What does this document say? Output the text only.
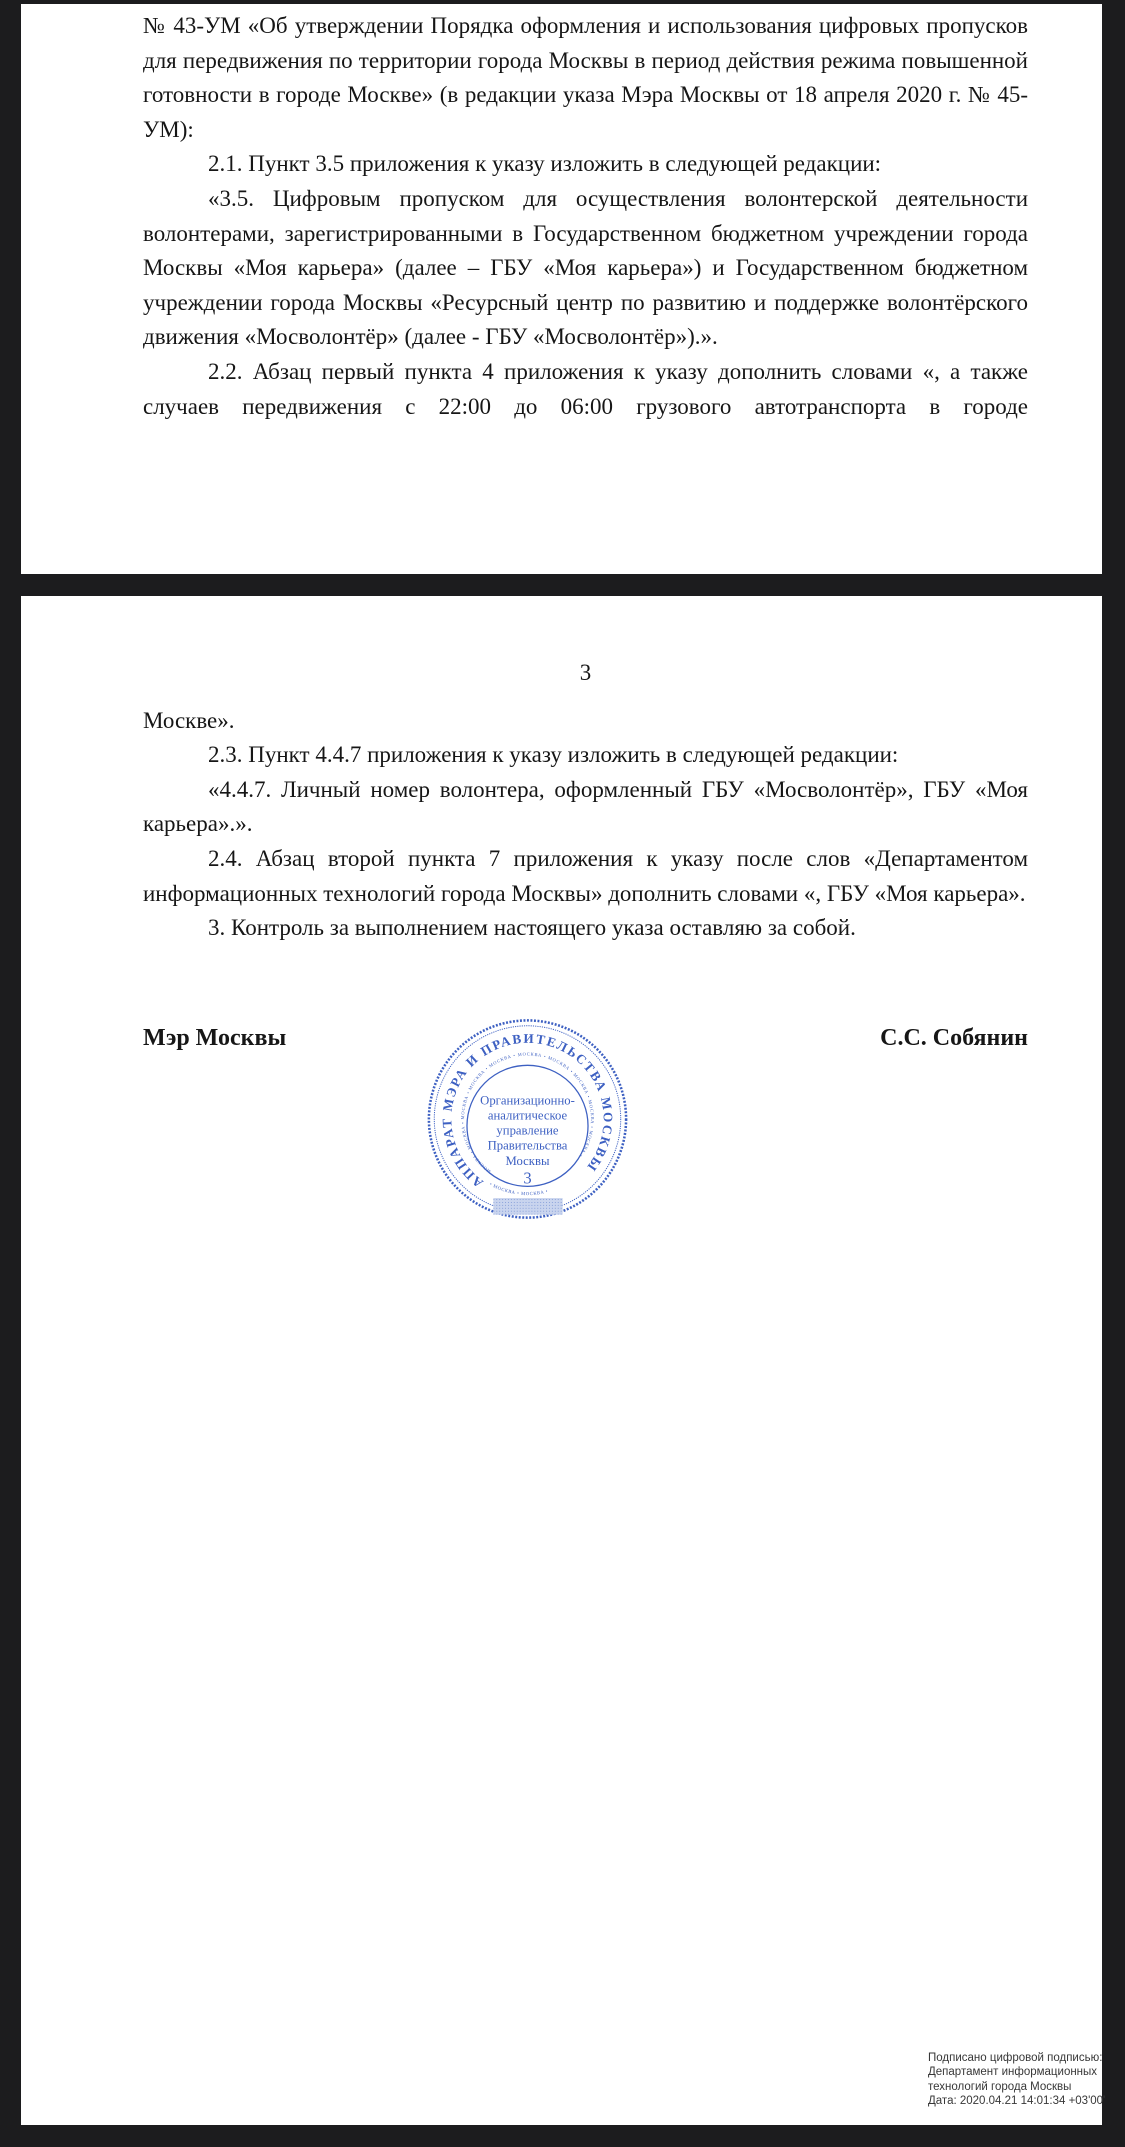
№ 43-УМ «Об утверждении Порядка оформления и использования цифровых пропусков для передвижения по территории города Москвы в период действия режима повышенной готовности в городе Москве» (в редакции указа Мэра Москвы от 18 апреля 2020 г. № 45-УМ):

2.1. Пункт 3.5 приложения к указу изложить в следующей редакции:

«3.5. Цифровым пропуском для осуществления волонтерской деятельности волонтерами, зарегистрированными в Государственном бюджетном учреждении города Москвы «Моя карьера» (далее – ГБУ «Моя карьера») и Государственном бюджетном учреждении города Москвы «Ресурсный центр по развитию и поддержке волонтёрского движения «Мосволонтёр» (далее - ГБУ «Мосволонтёр»).».

2.2. Абзац первый пункта 4 приложения к указу дополнить словами «, а также случаев передвижения с 22:00 до 06:00 грузового автотранспорта в городе

3

Москве».

2.3. Пункт 4.4.7 приложения к указу изложить в следующей редакции:

«4.4.7. Личный номер волонтера, оформленный ГБУ «Мосволонтёр», ГБУ «Моя карьера».».

2.4. Абзац второй пункта 7 приложения к указу после слов «Департаментом информационных технологий города Москвы» дополнить словами «, ГБУ «Моя карьера».

3. Контроль за выполнением настоящего указа оставляю за собой.

Мэр Москвы	С.С. Собянин
АППАРАТ МЭРА И ПРАВИТЕЛЬСТВА МОСКВЫ
МОСКВА • МОСКВА • МОСКВА • МОСКВА • МОСКВА • МОСКВА • МОСКВА • МОСКВА • МОСКВА • МОСКВА •
• МОСКВА • МОСКВА •
Организационно-
аналитическое
управление
Правительства
Москвы
3
Подписано цифровой подписью:
Департамент информационных
технологий города Москвы
Дата: 2020.04.21 14:01:34 +03'00'
